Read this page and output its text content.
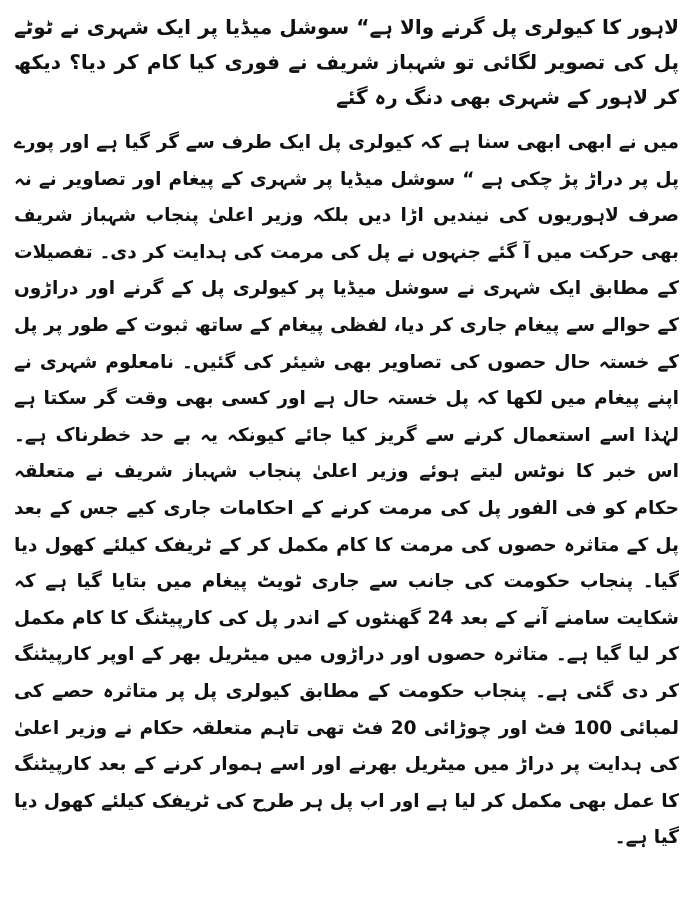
لاہور کا کیولری پل گرنے والا ہے“ سوشل میڈیا پر ایک شہری نے ٹوٹے پل کی تصویر لگائی تو شہباز شریف نے فوری کیا کام کر دیا؟ دیکھ کر لاہور کے شہری بھی دنگ رہ گئے

میں نے ابھی ابھی سنا ہے کہ کیولری پل ایک طرف سے گر گیا ہے اور پورے پل پر دراڑ پڑ چکی ہے “ سوشل میڈیا پر شہری کے پیغام اور تصاویر نے نہ صرف لاہوریوں کی نیندیں اڑا دیں بلکہ وزیر اعلیٰ پنجاب شہباز شریف بھی حرکت میں آ گئے جنہوں نے پل کی مرمت کی ہدایت کر دی۔ تفصیلات کے مطابق ایک شہری نے سوشل میڈیا پر کیولری پل کے گرنے اور دراڑوں کے حوالے سے پیغام جاری کر دیا، لفظی پیغام کے ساتھ ثبوت کے طور پر پل کے خستہ حال حصوں کی تصاویر بھی شیئر کی گئیں۔ نامعلوم شہری نے اپنے پیغام میں لکھا کہ پل خستہ حال ہے اور کسی بھی وقت گر سکتا ہے لہٰذا اسے استعمال کرنے سے گریز کیا جائے کیونکہ یہ بے حد خطرناک ہے۔ اس خبر کا نوٹس لیتے ہوئے وزیر اعلیٰ پنجاب شہباز شریف نے متعلقہ حکام کو فی الفور پل کی مرمت کرنے کے احکامات جاری کیے جس کے بعد پل کے متاثرہ حصوں کی مرمت کا کام مکمل کر کے ٹریفک کیلئے کھول دیا گیا۔ پنجاب حکومت کی جانب سے جاری ٹویٹ پیغام میں بتایا گیا ہے کہ شکایت سامنے آنے کے بعد 24 گھنٹوں کے اندر پل کی کارپیٹنگ کا کام مکمل کر لیا گیا ہے۔ متاثرہ حصوں اور دراڑوں میں میٹریل بھر کے اوپر کارپیٹنگ کر دی گئی ہے۔ پنجاب حکومت کے مطابق کیولری پل پر متاثرہ حصے کی لمبائی 100 فٹ اور چوڑائی 20 فٹ تھی تاہم متعلقہ حکام نے وزیر اعلیٰ کی ہدایت پر دراڑ میں میٹریل بھرنے اور اسے ہموار کرنے کے بعد کارپیٹنگ کا عمل بھی مکمل کر لیا ہے اور اب پل ہر طرح کی ٹریفک کیلئے کھول دیا گیا ہے۔
